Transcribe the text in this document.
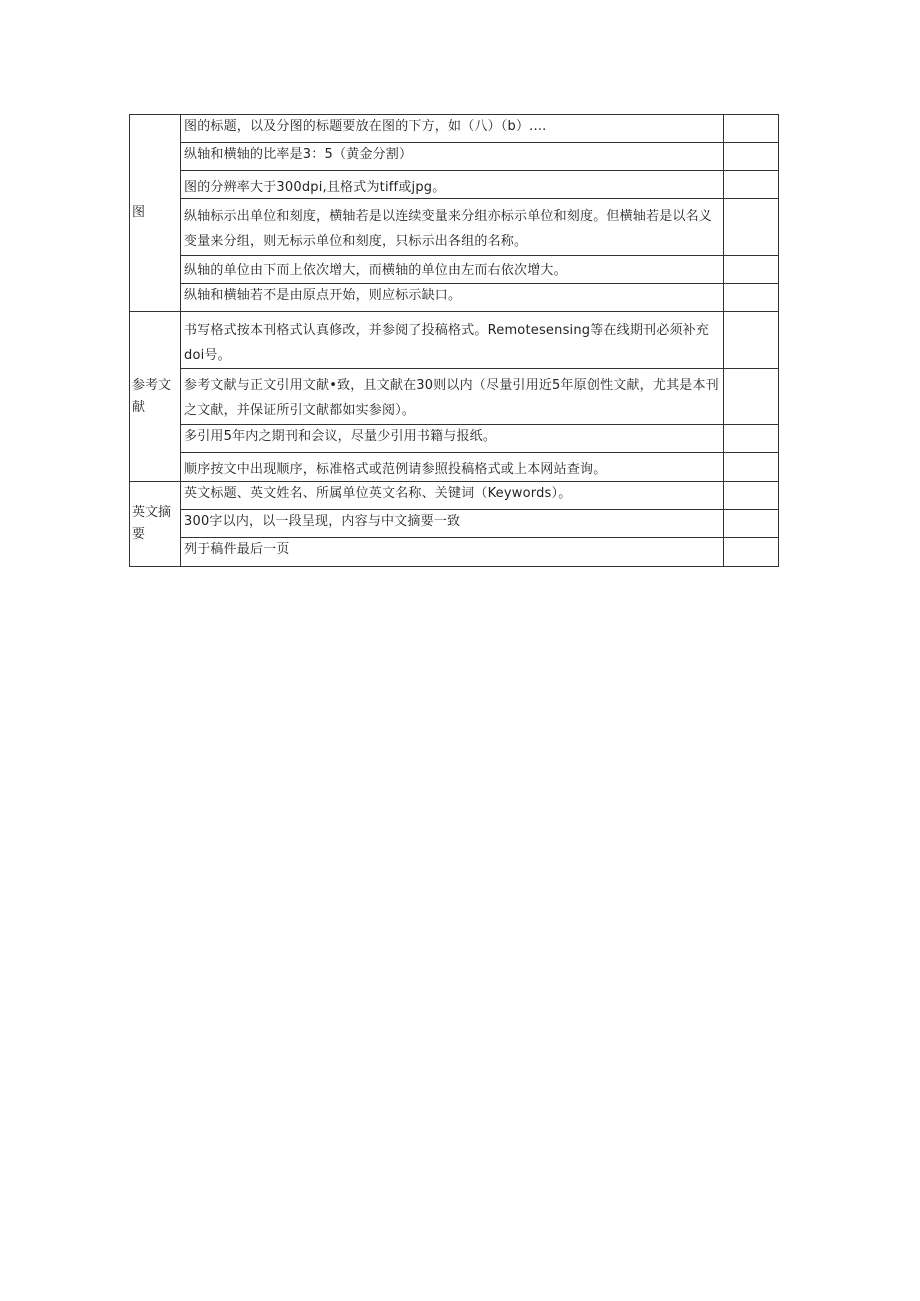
图	图的标题，以及分图的标题要放在图的下方，如（八）（b）....	
	纵轴和横轴的比率是3：5（黄金分割）	
	图的分辨率大于300dpi,且格式为tiff或jpg。	
	纵轴标示出单位和刻度，横轴若是以连续变量来分组亦标示单位和刻度。但横轴若是以名义变量来分组，则无标示单位和刻度，只标示出各组的名称。	
	纵轴的单位由下而上依次增大，而横轴的单位由左而右依次增大。	
	纵轴和横轴若不是由原点开始，则应标示缺口。	
参考文献	书写格式按本刊格式认真修改，并参阅了投稿格式。Remotesensing等在线期刊必须补充doi号。	
	参考文献与正文引用文献•致，且文献在30则以内（尽量引用近5年原创性文献，尤其是本刊之文献，并保证所引文献都如实参阅）。	
	多引用5年内之期刊和会议，尽量少引用书籍与报纸。	
	顺序按文中出现顺序，标准格式或范例请参照投稿格式或上本网站查询。	
英文摘要	英文标题、英文姓名、所属单位英文名称、关键词（Keywords）。	
	300字以内，以一段呈现，内容与中文摘要一致	
	列于稿件最后一页	
